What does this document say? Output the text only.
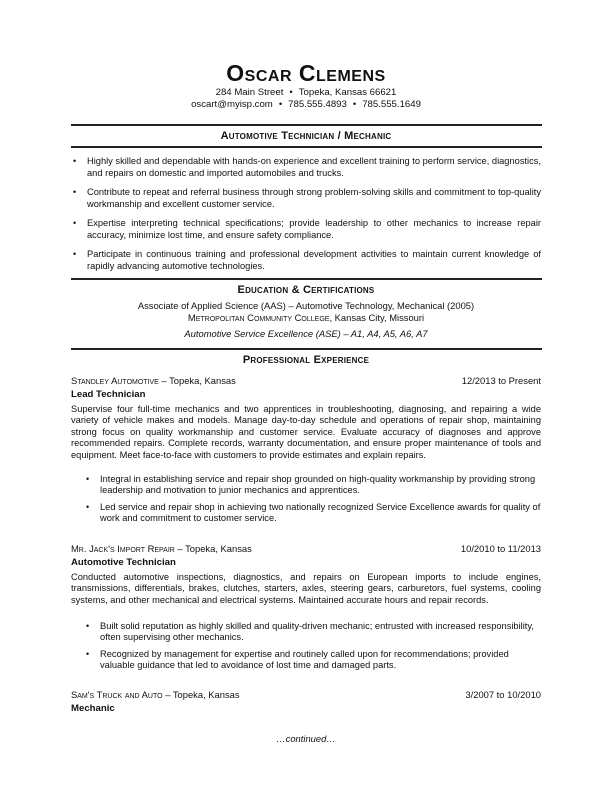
Oscar Clemens
284 Main Street • Topeka, Kansas 66621
oscart@myisp.com • 785.555.4893 • 785.555.1649
Automotive Technician / Mechanic
• Highly skilled and dependable with hands-on experience and excellent training to perform service, diagnostics, and repairs on domestic and imported automobiles and trucks.
• Contribute to repeat and referral business through strong problem-solving skills and commitment to top-quality workmanship and excellent customer service.
• Expertise interpreting technical specifications; provide leadership to other mechanics to increase repair accuracy, minimize lost time, and ensure safety compliance.
• Participate in continuous training and professional development activities to maintain current knowledge of rapidly advancing automotive technologies.
Education & Certifications
Associate of Applied Science (AAS) – Automotive Technology, Mechanical (2005)
Metropolitan Community College, Kansas City, Missouri
Automotive Service Excellence (ASE) – A1, A4, A5, A6, A7
Professional Experience
Standley Automotive – Topeka, Kansas	12/2013 to Present
Lead Technician
Supervise four full-time mechanics and two apprentices in troubleshooting, diagnosing, and repairing a wide variety of vehicle makes and models. Manage day-to-day schedule and operations of repair shop, maintaining strong focus on quality workmanship and customer service. Evaluate accuracy of diagnoses and approve recommended repairs. Complete records, warranty documentation, and ensure proper maintenance of tools and equipment. Meet face-to-face with customers to provide estimates and explain repairs.
• Integral in establishing service and repair shop grounded on high-quality workmanship by providing strong leadership and motivation to junior mechanics and apprentices.
• Led service and repair shop in achieving two nationally recognized Service Excellence awards for quality of work and commitment to customer service.
Mr. Jack's Import Repair – Topeka, Kansas	10/2010 to 11/2013
Automotive Technician
Conducted automotive inspections, diagnostics, and repairs on European imports to include engines, transmissions, differentials, brakes, clutches, starters, axles, steering gears, carburetors, fuel systems, cooling systems, and other mechanical and electrical systems. Maintained accurate hours and repair records.
• Built solid reputation as highly skilled and quality-driven mechanic; entrusted with increased responsibility, often supervising other mechanics.
• Recognized by management for expertise and routinely called upon for recommendations; provided valuable guidance that led to avoidance of lost time and damaged parts.
Sam's Truck and Auto – Topeka, Kansas	3/2007 to 10/2010
Mechanic
…continued…
